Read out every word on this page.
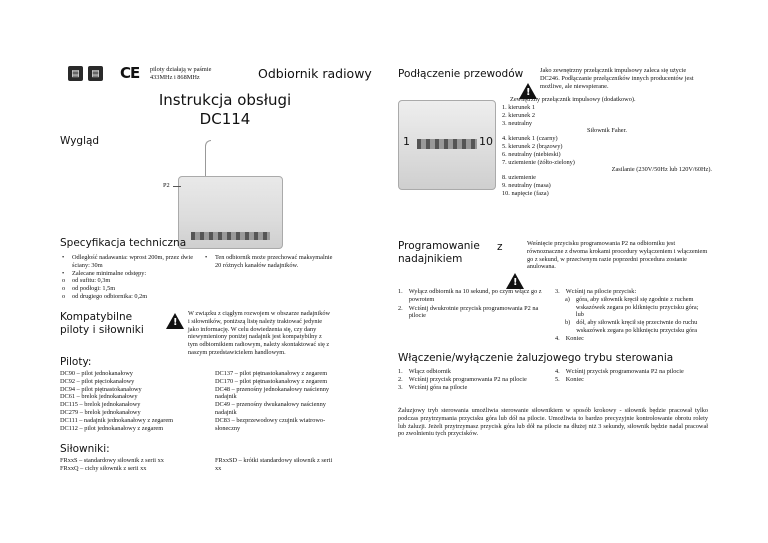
▤	▤ CE piloty działają w paśmie 433MHz i 868MHz	Odbiornik radiowy
Instrukcja obsługi
DC114
Wygląd
P2
Specyfikacja techniczna
• Odległość nadawania: wprost 200m, przez dwie ściany: 30m
• Zalecane minimalne odstępy:
o od sufitu: 0,3m
o od podłogi: 1,5m
o od drugiego odbiornika: 0,2m
• Ten odbiornik może przechować maksymalnie 20 różnych kanałów nadajników.
Kompatybilne piloty i siłowniki
!
W związku z ciągłym rozwojem w obszarze nadajników i siłowników, poniższą listę należy traktować jedynie jako informację. W celu dowiedzenia się, czy dany niewymieniony poniżej nadajnik jest kompatybilny z tym odbiornikiem radiowym, należy skontaktować się z naszym przedstawicielem handlowym.
Piloty:
DC90 – pilot jednokanałowy
DC92 – pilot pięciokanałowy
DC94 – pilot piętnastokanałowy
DC61 – brelok jednokanałowy
DC115 – brelok jednokanałowy
DC279 – brelok jednokanałowy
DC111 – nadajnik jednokanałowy z zegarem
DC112 – pilot jednokanałowy z zegarem
DC137 – pilot piętnastokanałowy z zegarem
DC170 – pilot piętnastokanałowy z zegarem
DC48 – przenośny jednokanałowy naścienny nadajnik
DC49 – przenośny dwukanałowy naścienny nadajnik
DC83 – bezprzewodowy czujnik wiatrowo-słoneczny
Siłowniki:
FRxxS – standardowy siłownik z serii xx
FRxxQ – cichy siłownik z serii xx
FRxxSD – krótki standardowy siłownik z serii xx
Podłączenie przewodów
!
Jako zewnętrzny przełącznik impulsowy zaleca się użycie DC246. Podłączanie przełączników innych producentów jest możliwe, ale niewspierane.
1	10
Zewnętrzny przełącznik impulsowy (dodatkowo).
1. kierunek 1
2. kierunek 2
3. neutralny
Siłownik Faher.
4. kierunek 1 (czarny)
5. kierunek 2 (brązowy)
6. neutralny (niebieski)
7. uziemienie (żółto-zielony)
Zasilanie (230V/50Hz lub 120V/60Hz).
8. uziemienie
9. neutralny (masa)
10. napięcie (faza)
Programowanie nadajnikiem
z
!
Weśnięcie przycisku programowania P2 na odbiorniku jest równoznaczne z dwoma krokami procedury wyłączeniem i włączeniem go z sekund, w przeciwnym razie poprzedni procedura zostanie anulowana.
1. Wyłącz odbiornik na 10 sekund, po czym włącz go z powrotem
2. Wciśnij dwukrotnie przycisk programowania P2 na pilocie
3. Wciśnij na pilocie przycisk:
a) góra, aby siłownik kręcił się zgodnie z ruchem wskazówek zegara po kliknięciu przycisku góra; lub
b) dół, aby siłownik kręcił się przeciwnie do ruchu wskazówek zegara po kliknięciu przycisku góra
4. Koniec
Włączenie/wyłączenie żaluzjowego trybu sterowania
1. Włącz odbiornik
2. Wciśnij przycisk programowania P2 na pilocie
3. Wciśnij góra na pilocie
4. Wciśnij przycisk programowania P2 na pilocie
5. Koniec
Żaluzjowy tryb sterowania umożliwia sterowanie siłownikiem w sposób krokowy - siłownik będzie pracował tylko podczas przytrzymania przycisku góra lub dół na pilocie. Umożliwia to bardzo precyzyjnie kontrolowanie obrotu rolety lub żaluzji. Jeżeli przytrzymasz przycisk góra lub dół na pilocie na dłużej niż 3 sekundy, siłownik będzie nadal pracował po zwolnieniu tych przycisków.
